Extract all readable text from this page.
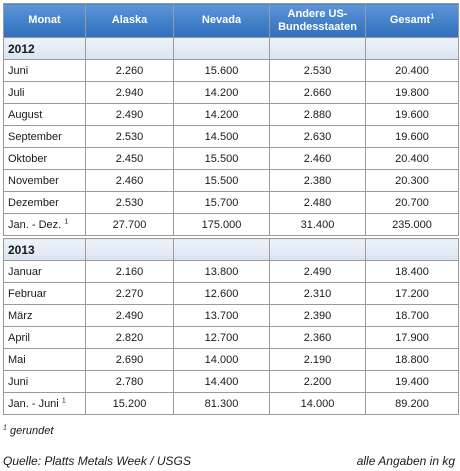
Monat	Alaska	Nevada	Andere US-Bundesstaaten	Gesamt$^1$
2012				
Juni	2.260	15.600	2.530	20.400
Juli	2.940	14.200	2.660	19.800
August	2.490	14.200	2.880	19.600
September	2.530	14.500	2.630	19.600
Oktober	2.450	15.500	2.460	20.400
November	2.460	15.500	2.380	20.300
Dezember	2.530	15.700	2.480	20.700
Jan. - Dez. $^1$	27.700	175.000	31.400	235.000

2013				
Januar	2.160	13.800	2.490	18.400
Februar	2.270	12.600	2.310	17.200
März	2.490	13.700	2.390	18.700
April	2.820	12.700	2.360	17.900
Mai	2.690	14.000	2.190	18.800
Juni	2.780	14.400	2.200	19.400
Jan. - Juni $^1$	15.200	81.300	14.000	89.200
$^1$ gerundet
Quelle: Platts Metals Week / USGS	alle Angaben in kg
